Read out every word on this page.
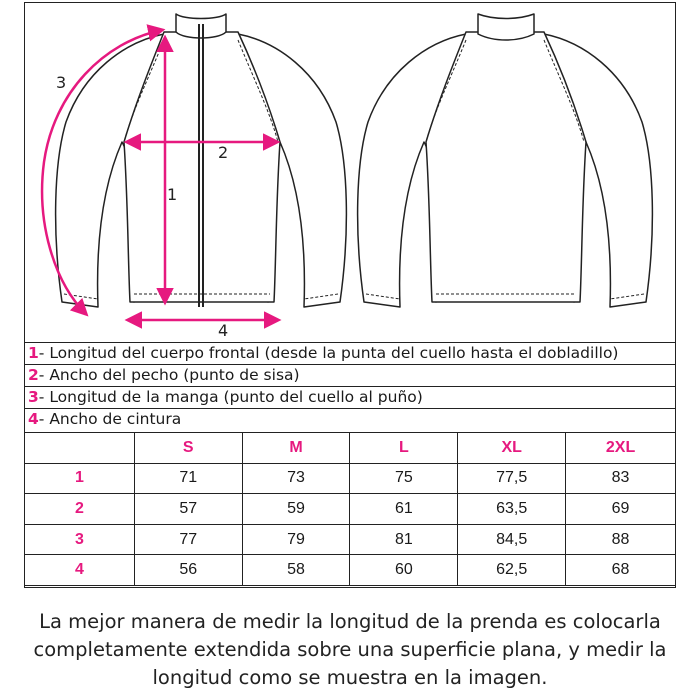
1
2
3
4
1- Longitud del cuerpo frontal (desde la punta del cuello hasta el dobladillo)
2- Ancho del pecho (punto de sisa)
3- Longitud de la manga (punto del cuello al puño)
4- Ancho de cintura
	S	M	L	XL	2XL
1	71	73	75	77,5	83
2	57	59	61	63,5	69
3	77	79	81	84,5	88
4	56	58	60	62,5	68
La mejor manera de medir la longitud de la prenda es colocarla
completamente extendida sobre una superficie plana, y medir la
longitud como se muestra en la imagen.
